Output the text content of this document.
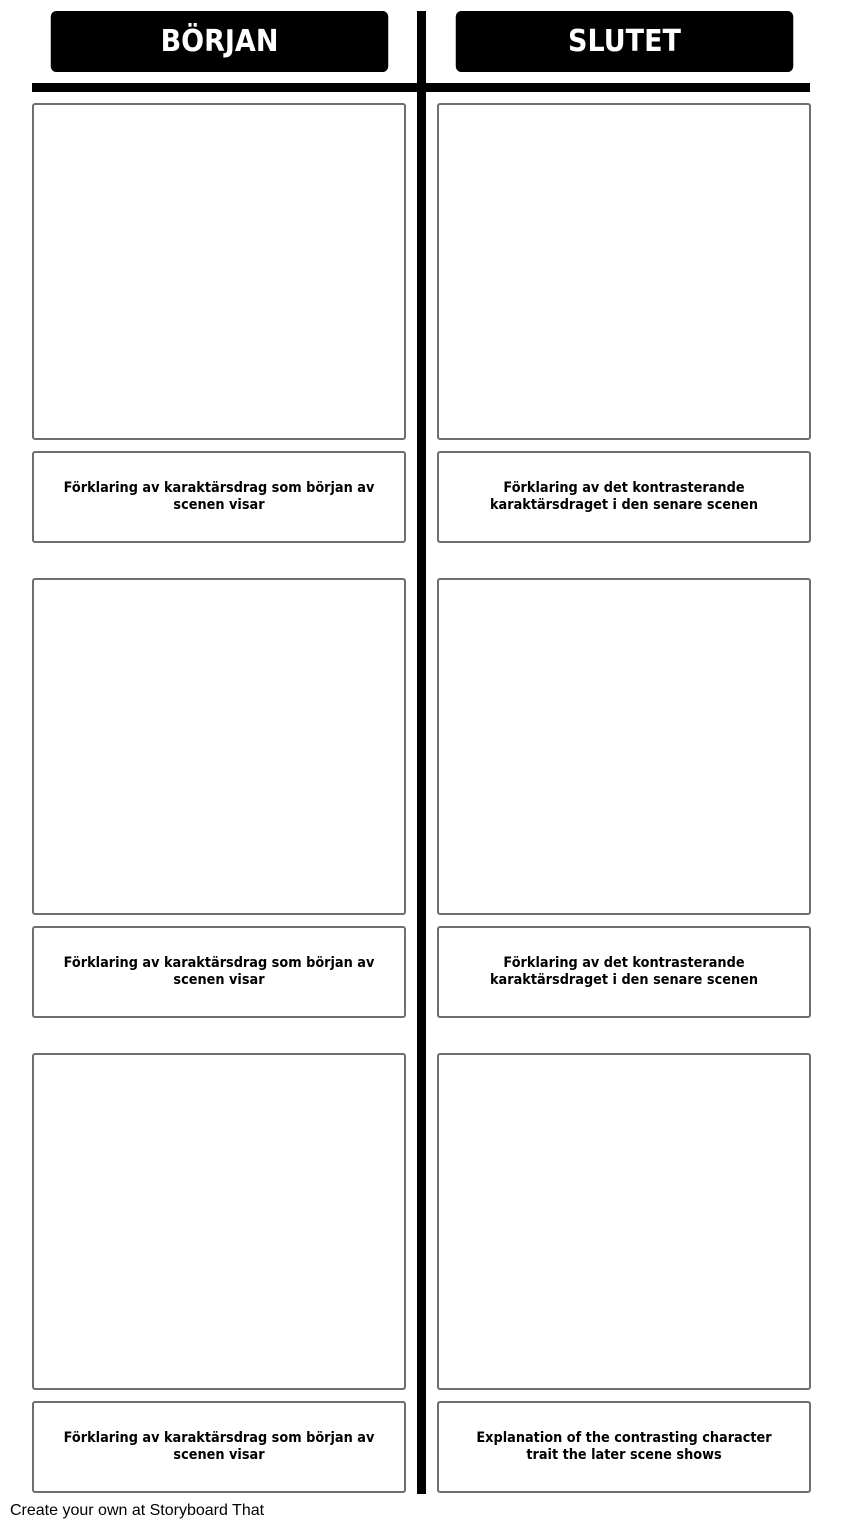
BÖRJAN	SLUTET
Förklaring av karaktärsdrag som början av scenen visar
Förklaring av det kontrasterande karaktärsdraget i den senare scenen
Förklaring av karaktärsdrag som början av scenen visar
Förklaring av det kontrasterande karaktärsdraget i den senare scenen
Förklaring av karaktärsdrag som början av scenen visar
Explanation of the contrasting character trait the later scene shows
Create your own at Storyboard That
